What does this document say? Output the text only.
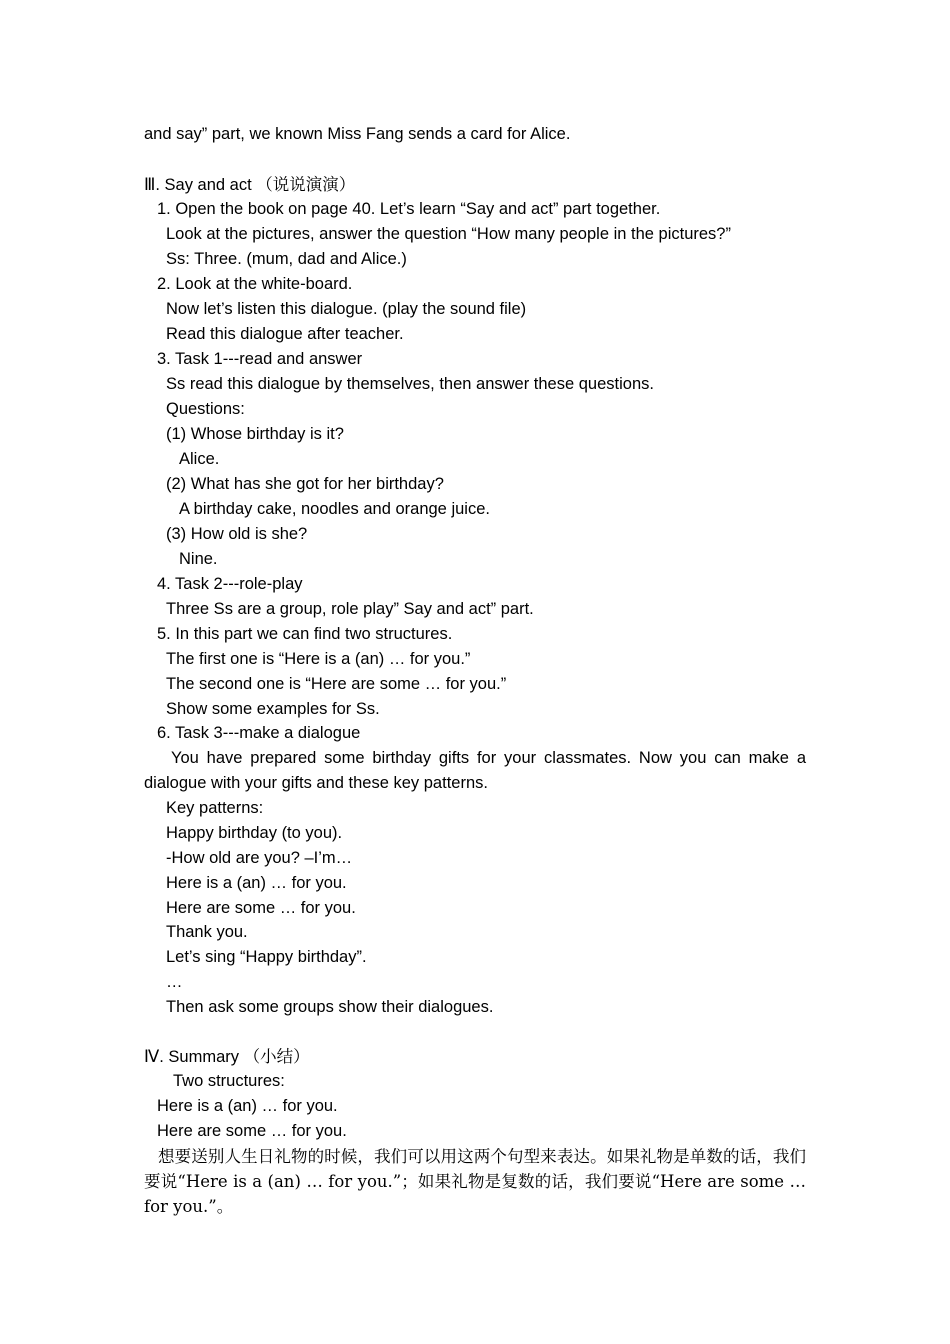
and say” part, we known Miss Fang sends a card for Alice.
Ⅲ. Say and act （说说演演）
1. Open the book on page 40. Let’s learn “Say and act” part together.
Look at the pictures, answer the question “How many people in the pictures?”
Ss: Three. (mum, dad and Alice.)
2. Look at the white-board.
Now let’s listen this dialogue. (play the sound file)
Read this dialogue after teacher.
3. Task 1---read and answer
Ss read this dialogue by themselves, then answer these questions.
Questions:
(1) Whose birthday is it?
Alice.
(2) What has she got for her birthday?
A birthday cake, noodles and orange juice.
(3) How old is she?
Nine.
4. Task 2---role-play
Three Ss are a group, role play” Say and act” part.
5. In this part we can find two structures.
The first one is “Here is a (an) … for you.”
The second one is “Here are some … for you.”
Show some examples for Ss.
6. Task 3---make a dialogue
You have prepared some birthday gifts for your classmates. Now you can make a dialogue with your gifts and these key patterns.
Key patterns:
Happy birthday (to you).
-How old are you? –I’m…
Here is a (an) … for you.
Here are some … for you.
Thank you.
Let’s sing “Happy birthday”.
…
Then ask some groups show their dialogues.
Ⅳ. Summary （小结）
Two structures:
Here is a (an) … for you.
Here are some … for you.
想要送别人生日礼物的时候，我们可以用这两个句型来表达。如果礼物是单数的话，我们要说“Here is a (an) … for you.”；如果礼物是复数的话，我们要说“Here are some … for you.”。
